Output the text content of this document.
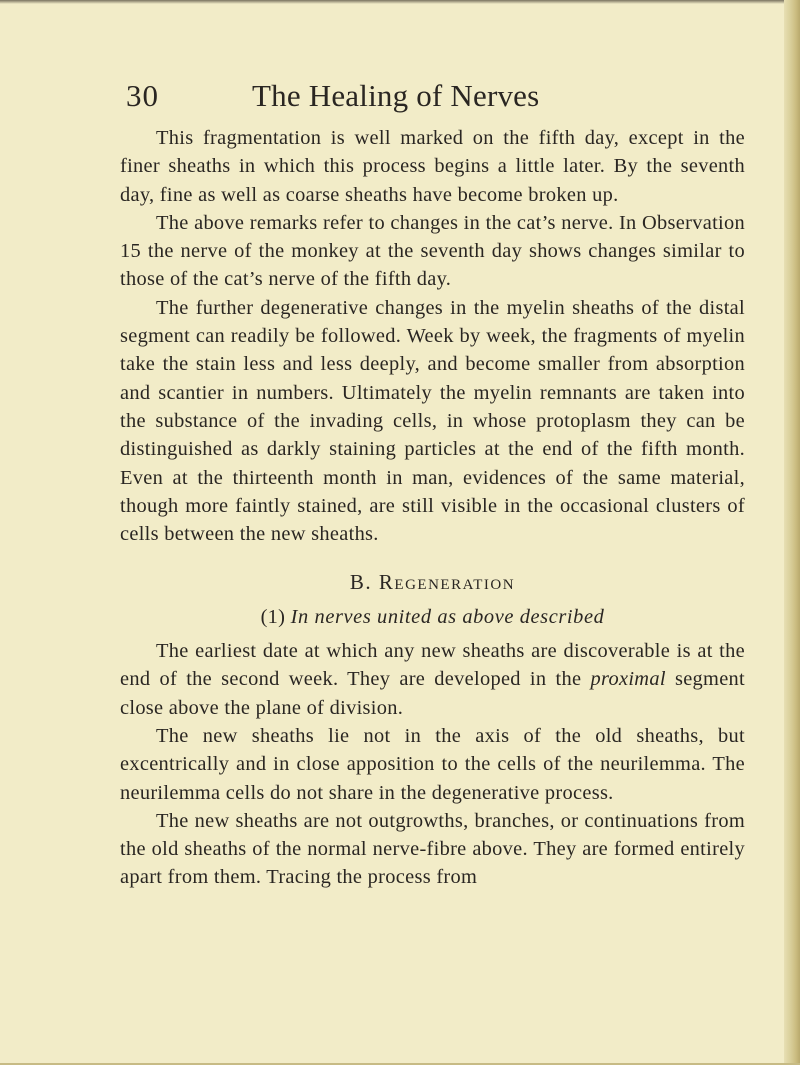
30	The Healing of Nerves

This fragmentation is well marked on the fifth day, except in the finer sheaths in which this process begins a little later. By the seventh day, fine as well as coarse sheaths have become broken up.

The above remarks refer to changes in the cat’s nerve. In Observation 15 the nerve of the monkey at the seventh day shows changes similar to those of the cat’s nerve of the fifth day.

The further degenerative changes in the myelin sheaths of the distal segment can readily be followed. Week by week, the fragments of myelin take the stain less and less deeply, and become smaller from absorption and scantier in numbers. Ultimately the myelin remnants are taken into the substance of the invading cells, in whose protoplasm they can be distinguished as darkly staining particles at the end of the fifth month. Even at the thirteenth month in man, evidences of the same material, though more faintly stained, are still visible in the occasional clusters of cells between the new sheaths.

B. Regeneration
(1) In nerves united as above described

The earliest date at which any new sheaths are discoverable is at the end of the second week. They are developed in the proximal segment close above the plane of division.

The new sheaths lie not in the axis of the old sheaths, but excentrically and in close apposition to the cells of the neurilemma. The neurilemma cells do not share in the degenerative process.

The new sheaths are not outgrowths, branches, or continuations from the old sheaths of the normal nerve-fibre above. They are formed entirely apart from them. Tracing the process from
